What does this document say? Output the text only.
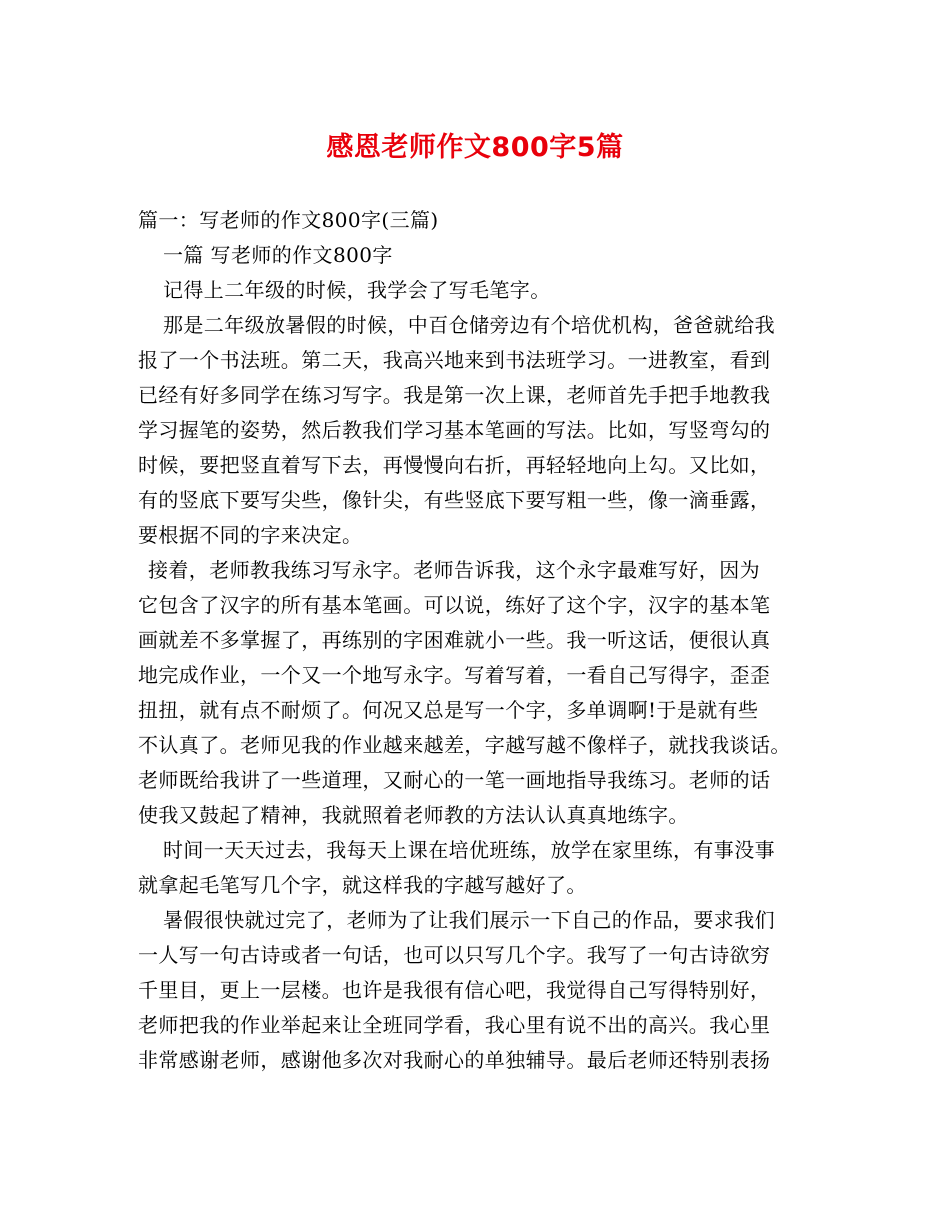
感恩老师作文800字5篇
篇一：写老师的作文800字(三篇)
一篇 写老师的作文800字
记得上二年级的时候，我学会了写毛笔字。
那是二年级放暑假的时候，中百仓储旁边有个培优机构，爸爸就给我
报了一个书法班。第二天，我高兴地来到书法班学习。一进教室，看到
已经有好多同学在练习写字。我是第一次上课，老师首先手把手地教我
学习握笔的姿势，然后教我们学习基本笔画的写法。比如，写竖弯勾的
时候，要把竖直着写下去，再慢慢向右折，再轻轻地向上勾。又比如，
有的竖底下要写尖些，像针尖，有些竖底下要写粗一些，像一滴垂露，
要根据不同的字来决定。
接着，老师教我练习写永字。老师告诉我，这个永字最难写好，因为
它包含了汉字的所有基本笔画。可以说，练好了这个字，汉字的基本笔
画就差不多掌握了，再练别的字困难就小一些。我一听这话，便很认真
地完成作业，一个又一个地写永字。写着写着，一看自己写得字，歪歪
扭扭，就有点不耐烦了。何况又总是写一个字，多单调啊!于是就有些
不认真了。老师见我的作业越来越差，字越写越不像样子，就找我谈话。
老师既给我讲了一些道理，又耐心的一笔一画地指导我练习。老师的话
使我又鼓起了精神，我就照着老师教的方法认认真真地练字。
时间一天天过去，我每天上课在培优班练，放学在家里练，有事没事
就拿起毛笔写几个字，就这样我的字越写越好了。
暑假很快就过完了，老师为了让我们展示一下自己的作品，要求我们
一人写一句古诗或者一句话，也可以只写几个字。我写了一句古诗欲穷
千里目，更上一层楼。也许是我很有信心吧，我觉得自己写得特别好，
老师把我的作业举起来让全班同学看，我心里有说不出的高兴。我心里
非常感谢老师，感谢他多次对我耐心的单独辅导。最后老师还特别表扬
